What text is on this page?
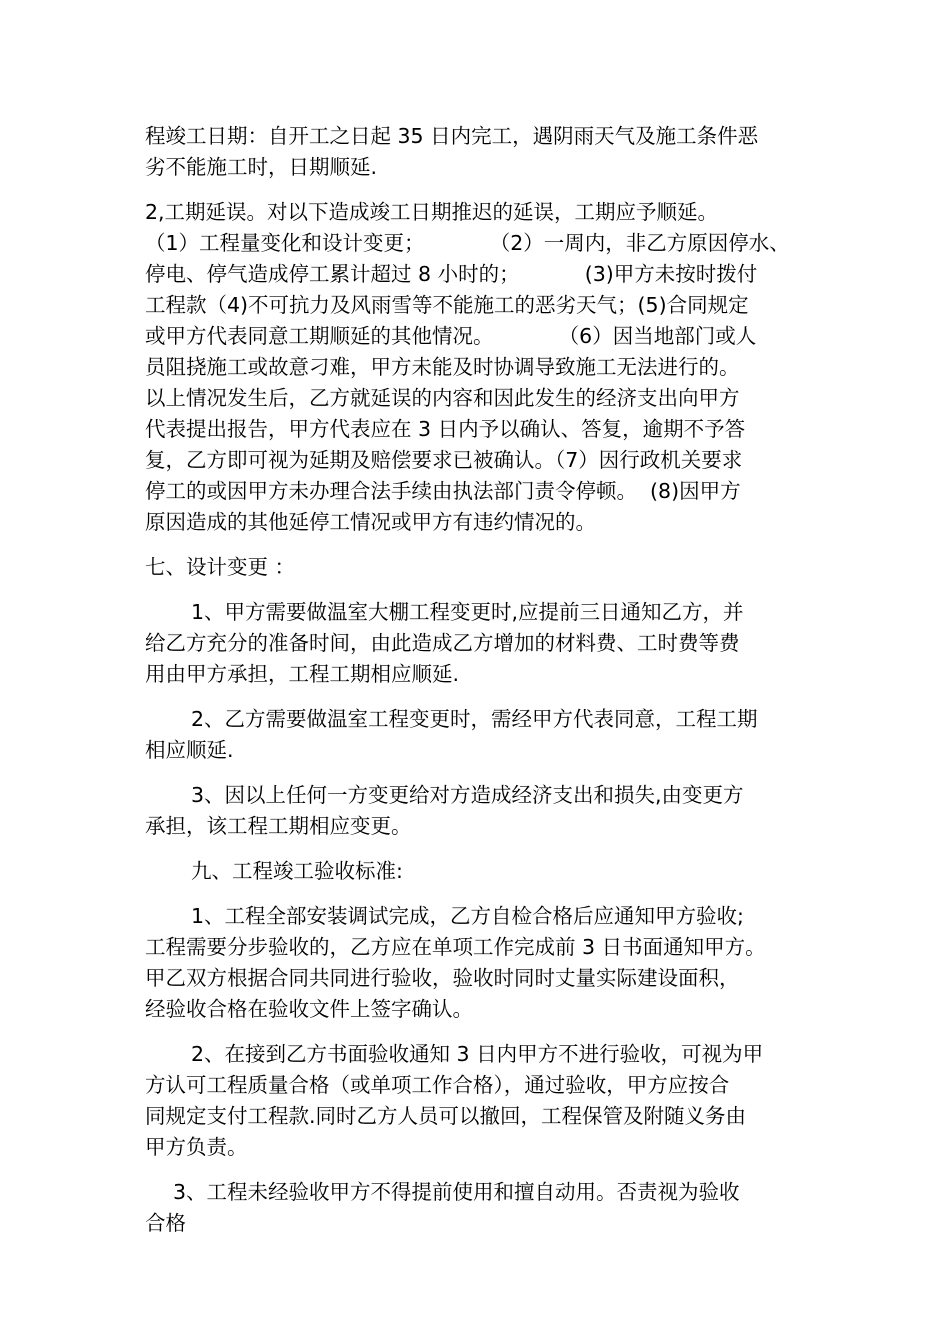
程竣工日期：自开工之日起 35 日内完工，遇阴雨天气及施工条件恶
劣不能施工时，日期顺延.

2,工期延误。对以下造成竣工日期推迟的延误，工期应予顺延。
（1）工程量变化和设计变更；          （2）一周内，非乙方原因停水、
停电、停气造成停工累计超过 8 小时的；          (3)甲方未按时拨付
工程款（4)不可抗力及风雨雪等不能施工的恶劣天气；(5)合同规定
或甲方代表同意工期顺延的其他情况。          （6）因当地部门或人
员阻挠施工或故意刁难，甲方未能及时协调导致施工无法进行的。
以上情况发生后，乙方就延误的内容和因此发生的经济支出向甲方
代表提出报告，甲方代表应在 3 日内予以确认、答复，逾期不予答
复，乙方即可视为延期及赔偿要求已被确认。（7）因行政机关要求
停工的或因甲方未办理合法手续由执法部门责令停顿。  (8)因甲方
原因造成的其他延停工情况或甲方有违约情况的。

七、设计变更 ：

1、甲方需要做温室大棚工程变更时,应提前三日通知乙方，并
给乙方充分的准备时间，由此造成乙方增加的材料费、工时费等费
用由甲方承担，工程工期相应顺延.

2、乙方需要做温室工程变更时，需经甲方代表同意，工程工期
相应顺延.

3、因以上任何一方变更给对方造成经济支出和损失,由变更方
承担，该工程工期相应变更。

九、工程竣工验收标准:

1、工程全部安装调试完成，乙方自检合格后应通知甲方验收;
工程需要分步验收的，乙方应在单项工作完成前 3 日书面通知甲方。
甲乙双方根据合同共同进行验收，验收时同时丈量实际建设面积，
经验收合格在验收文件上签字确认。

2、在接到乙方书面验收通知 3 日内甲方不进行验收，可视为甲
方认可工程质量合格（或单项工作合格），通过验收，甲方应按合
同规定支付工程款.同时乙方人员可以撤回，工程保管及附随义务由
甲方负责。

3、工程未经验收甲方不得提前使用和擅自动用。否责视为验收
合格
